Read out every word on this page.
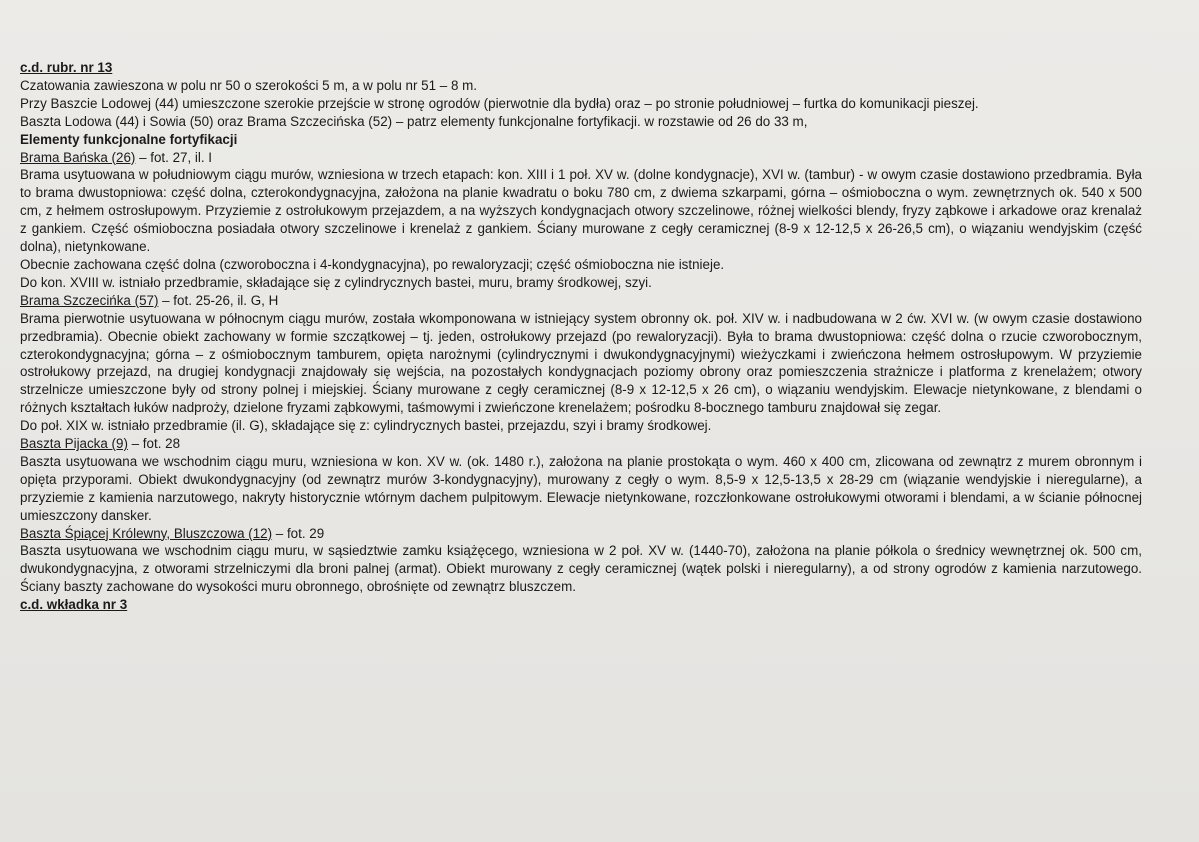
c.d. rubr. nr 13

Czatowania zawieszona w polu nr 50 o szerokości 5 m, a w polu nr 51 – 8 m.

Przy Baszcie Lodowej (44) umieszczone szerokie przejście w stronę ogrodów (pierwotnie dla bydła) oraz – po stronie południowej – furtka do komunikacji pieszej.

Baszta Lodowa (44) i Sowia (50) oraz Brama Szczecińska (52) – patrz elementy funkcjonalne fortyfikacji. w rozstawie od 26 do 33 m,

Elementy funkcjonalne fortyfikacji

Brama Bańska (26) – fot. 27, il. I

Brama usytuowana w południowym ciągu murów, wzniesiona w trzech etapach: kon. XIII i 1 poł. XV w. (dolne kondygnacje), XVI w. (tambur) - w owym czasie dostawiono przedbramia. Była to brama dwustopniowa: część dolna, czterokondygnacyjna, założona na planie kwadratu o boku 780 cm, z dwiema szkarpami, górna – ośmioboczna o wym. zewnętrznych ok. 540 x 500 cm, z hełmem ostrosłupowym. Przyziemie z ostrołukowym przejazdem, a na wyższych kondygnacjach otwory szczelinowe, różnej wielkości blendy, fryzy ząbkowe i arkadowe oraz krenalaż z gankiem. Część ośmioboczna posiadała otwory szczelinowe i krenelaż z gankiem. Ściany murowane z cegły ceramicznej (8-9 x 12-12,5 x 26-26,5 cm), o wiązaniu wendyjskim (część dolna), nietynkowane.

Obecnie zachowana część dolna (czworoboczna i 4-kondygnacyjna), po rewaloryzacji; część ośmioboczna nie istnieje.

Do kon. XVIII w. istniało przedbramie, składające się z cylindrycznych bastei, muru, bramy środkowej, szyi.

Brama Szczecińka (57) – fot. 25-26, il. G, H

Brama pierwotnie usytuowana w północnym ciągu murów, została wkomponowana w istniejący system obronny ok. poł. XIV w. i nadbudowana w 2 ćw. XVI w. (w owym czasie dostawiono przedbramia). Obecnie obiekt zachowany w formie szczątkowej – tj. jeden, ostrołukowy przejazd (po rewaloryzacji). Była to brama dwustopniowa: część dolna o rzucie czworobocznym, czterokondygnacyjna; górna – z ośmiobocznym tamburem, opięta narożnymi (cylindrycznymi i dwukondygnacyjnymi) wieżyczkami i zwieńczona hełmem ostrosłupowym. W przyziemie ostrołukowy przejazd, na drugiej kondygnacji znajdowały się wejścia, na pozostałych kondygnacjach poziomy obrony oraz pomieszczenia strażnicze i platforma z krenelażem; otwory strzelnicze umieszczone były od strony polnej i miejskiej. Ściany murowane z cegły ceramicznej (8-9 x 12-12,5 x 26 cm), o wiązaniu wendyjskim. Elewacje nietynkowane, z blendami o różnych kształtach łuków nadproży, dzielone fryzami ząbkowymi, taśmowymi i zwieńczone krenelażem; pośrodku 8-bocznego tamburu znajdował się zegar.

Do poł. XIX w. istniało przedbramie (il. G), składające się z: cylindrycznych bastei, przejazdu, szyi i bramy środkowej.

Baszta Pijacka (9) – fot. 28

Baszta usytuowana we wschodnim ciągu muru, wzniesiona w kon. XV w. (ok. 1480 r.), założona na planie prostokąta o wym. 460 x 400 cm, zlicowana od zewnątrz z murem obronnym i opięta przyporami. Obiekt dwukondygnacyjny (od zewnątrz murów 3-kondygnacyjny), murowany z cegły o wym. 8,5-9 x 12,5-13,5 x 28-29 cm (wiązanie wendyjskie i nieregularne), a przyziemie z kamienia narzutowego, nakryty historycznie wtórnym dachem pulpitowym. Elewacje nietynkowane, rozczłonkowane ostrołukowymi otworami i blendami, a w ścianie północnej umieszczony dansker.

Baszta Śpiącej Królewny, Bluszczowa (12) – fot. 29

Baszta usytuowana we wschodnim ciągu muru, w sąsiedztwie zamku książęcego, wzniesiona w 2 poł. XV w. (1440-70), założona na planie półkola o średnicy wewnętrznej ok. 500 cm, dwukondygnacyjna, z otworami strzelniczymi dla broni palnej (armat). Obiekt murowany z cegły ceramicznej (wątek polski i nieregularny), a od strony ogrodów z kamienia narzutowego. Ściany baszty zachowane do wysokości muru obronnego, obrośnięte od zewnątrz bluszczem.

c.d. wkładka nr 3
